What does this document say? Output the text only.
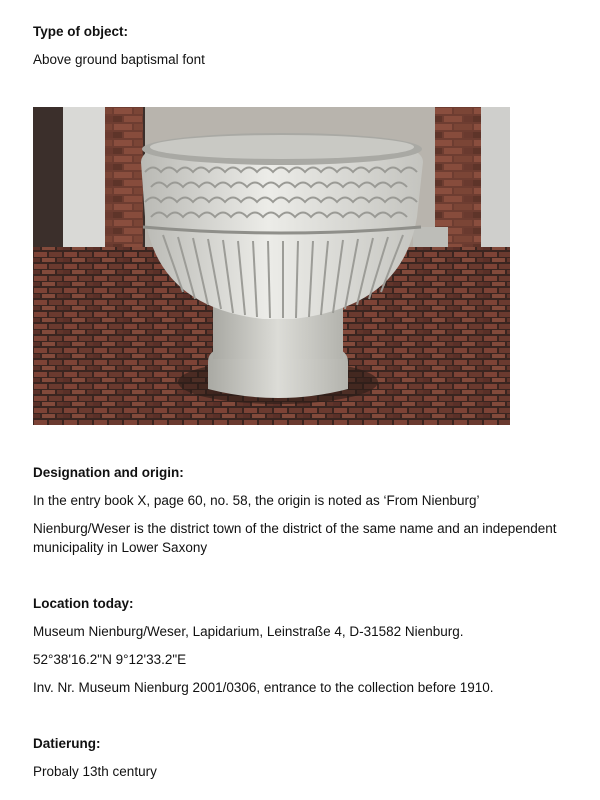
Type of object:

Above ground baptismal font

Designation and origin:

In the entry book X, page 60, no. 58, the origin is noted as ‘From Nienburg’

Nienburg/Weser is the district town of the district of the same name and an independent municipality in Lower Saxony

Location today:

Museum Nienburg/Weser, Lapidarium, Leinstraße 4, D-31582 Nienburg.

52°38'16.2"N 9°12'33.2"E

Inv. Nr. Museum Nienburg 2001/0306, entrance to the collection before 1910.

Datierung:

Probaly 13th century
